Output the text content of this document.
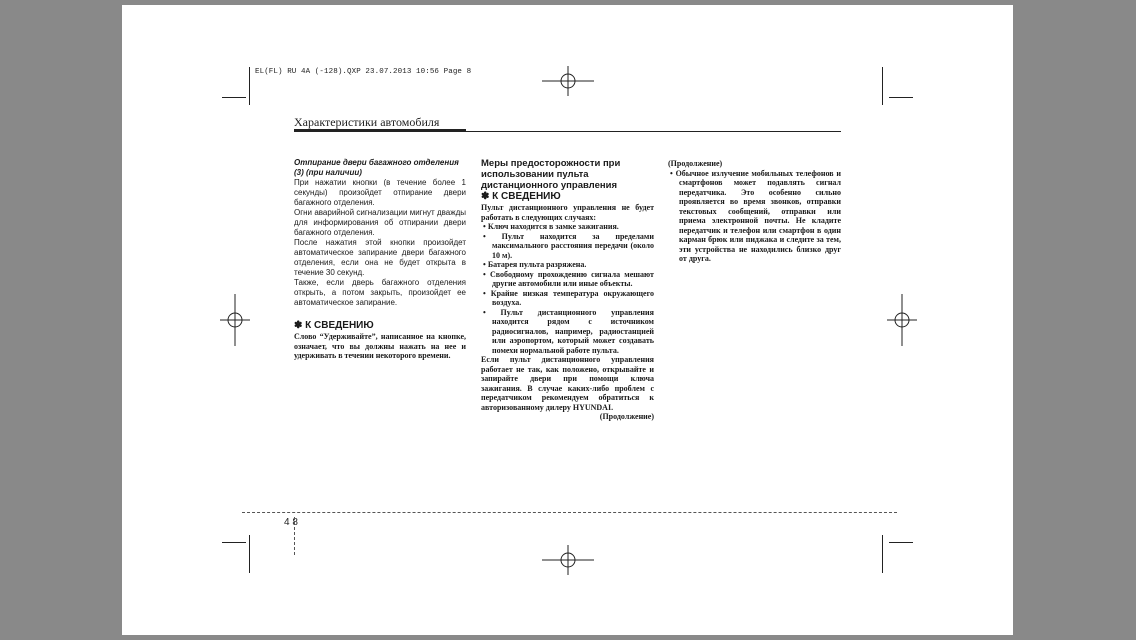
EL(FL) RU 4A (-128).QXP 23.07.2013 10:56 Page 8
Характеристики автомобиля

Отпирание двери багажного отделения (3) (при наличии)

При нажатии кнопки (в течение более 1 секунды) произойдет отпирание двери багажного отделения.

Огни аварийной сигнализации мигнут дважды для информирования об отпирании двери багажного отделения.

После нажатия этой кнопки произойдет автоматическое запирание двери багажного отделения, если она не будет открыта в течение 30 секунд.

Также, если дверь багажного отделения открыть, а потом закрыть, произойдет ее автоматическое запирание.

✽ К СВЕДЕНИЮ

Слово “Удерживайте”, написанное на кнопке, означает, что вы должны нажать на нее и удерживать в течении некоторого времени.

Меры предосторожности при использовании пульта дистанционного управления

✽ К СВЕДЕНИЮ

Пульт дистанционного управления не будет работать в следующих случаях:

• Ключ находится в замке зажигания.
• Пульт находится за пределами максимального расстояния передачи (около 10 м).
• Батарея пульта разряжена.
• Свободному прохождению сигнала мешают другие автомобили или иные объекты.
• Крайне низкая температура окружающего воздуха.
• Пульт дистанционного управления находится рядом с источником радиосигналов, например, радиостанцией или аэропортом, который может создавать помехи нормальной работе пульта.

Если пульт дистанционного управления работает не так, как положено, открывайте и запирайте двери при помощи ключа зажигания. В случае каких-либо проблем с передатчиком рекомендуем обратиться к авторизованному дилеру HYUNDAI.

(Продолжение)

(Продолжение)

• Обычное излучение мобильных телефонов и смартфонов может подавлять сигнал передатчика. Это особенно сильно проявляется во время звонков, отправки текстовых сообщений, отправки или приема электронной почты. Не кладите передатчик и телефон или смартфон в один карман брюк или пиджака и следите за тем, эти устройства не находились близко друг от друга.
4 8
